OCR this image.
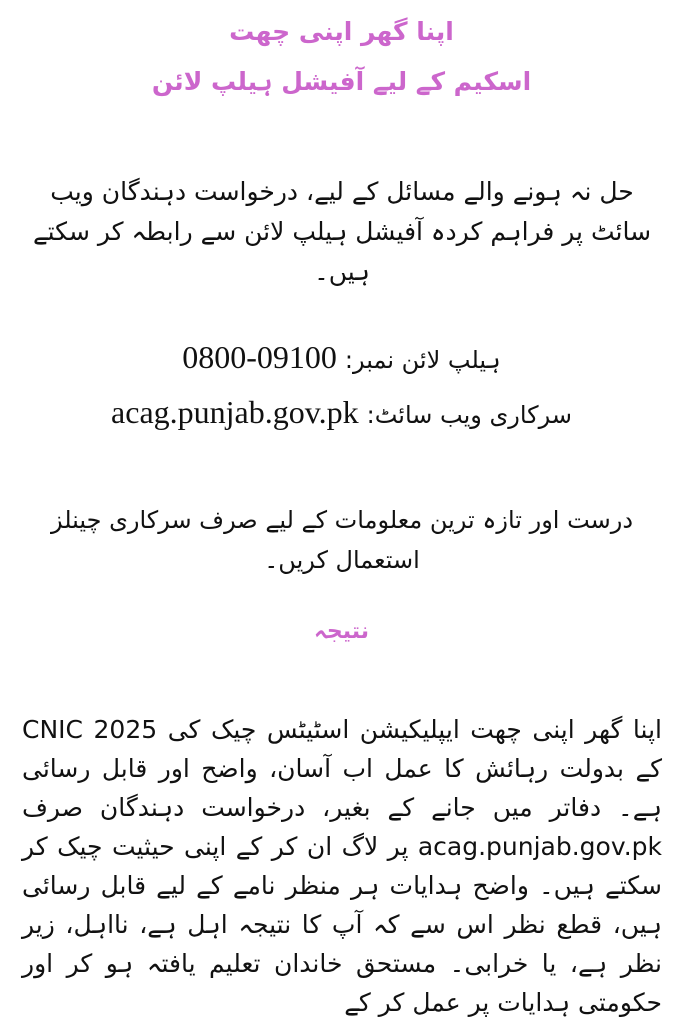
اپنا گھر اپنی چھت
اسکیم کے لیے آفیشل ہیلپ لائن
حل نہ ہونے والے مسائل کے لیے، درخواست دہندگان ویب سائٹ پر فراہم کردہ آفیشل ہیلپ لائن سے رابطہ کر سکتے ہیں۔
ہیلپ لائن نمبر: 0800-09100
سرکاری ویب سائٹ: acag.punjab.gov.pk
درست اور تازہ ترین معلومات کے لیے صرف سرکاری چینلز استعمال کریں۔
نتیجہ
اپنا گھر اپنی چھت ایپلیکیشن اسٹیٹس چیک کی CNIC 2025 کے بدولت رہائش کا عمل اب آسان، واضح اور قابل رسائی ہے۔ دفاتر میں جانے کے بغیر، درخواست دہندگان صرف acag.punjab.gov.pk پر لاگ ان کر کے اپنی حیثیت چیک کر سکتے ہیں۔ واضح ہدایات ہر منظر نامے کے لیے قابل رسائی ہیں، قطع نظر اس سے کہ آپ کا نتیجہ اہل ہے، نااہل، زیر نظر ہے، یا خرابی۔ مستحق خاندان تعلیم یافتہ ہو کر اور حکومتی ہدایات پر عمل کر کے
